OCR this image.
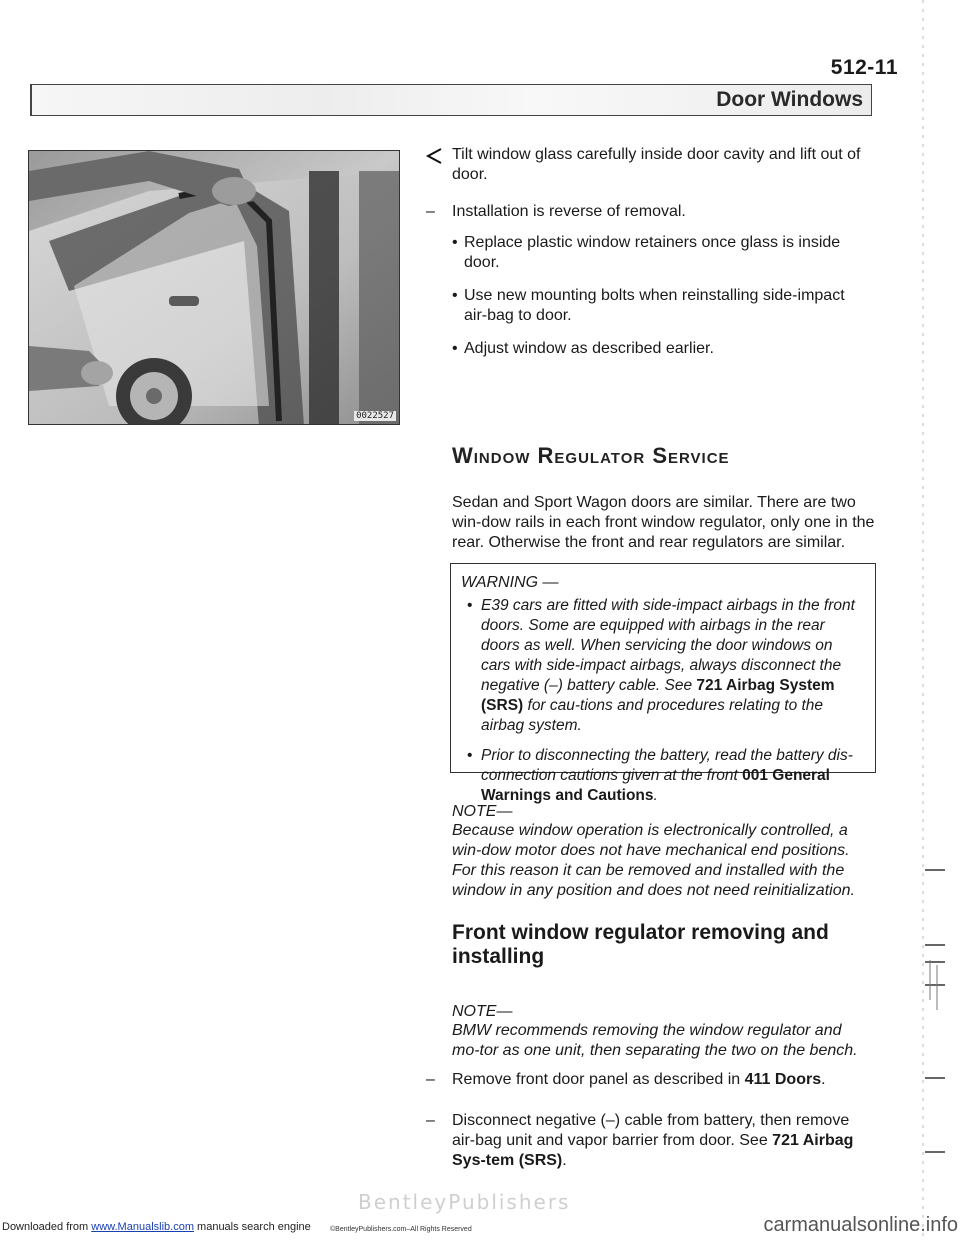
512-11
Door Windows
0022527

Tilt window glass carefully inside door cavity and lift out of door.

–	Installation is reverse of removal.

• Replace plastic window retainers once glass is inside door.
• Use new mounting bolts when reinstalling side-impact air-bag to door.
• Adjust window as described earlier.
Window Regulator Service

Sedan and Sport Wagon doors are similar. There are two win-dow rails in each front window regulator, only one in the rear. Otherwise the front and rear regulators are similar.

WARNING —

• E39 cars are fitted with side-impact airbags in the front doors. Some are equipped with airbags in the rear doors as well. When servicing the door windows on cars with side-impact airbags, always disconnect the negative (–) battery cable. See 721 Airbag System (SRS) for cau-tions and procedures relating to the airbag system.
• Prior to disconnecting the battery, read the battery dis-connection cautions given at the front 001 General Warnings and Cautions.

NOTE—

Because window operation is electronically controlled, a win-dow motor does not have mechanical end positions. For this reason it can be removed and installed with the window in any position and does not need reinitialization.

Front window regulator removing and installing

NOTE—

BMW recommends removing the window regulator and mo-tor as one unit, then separating the two on the bench.

–	Remove front door panel as described in 411 Doors.

–	Disconnect negative (–) cable from battery, then remove air-bag unit and vapor barrier from door. See 721 Airbag Sys-tem (SRS).

BentleyPublishers
Downloaded from www.Manualslib.com manuals search engine	©BentleyPublishers.com–All Rights Reserved	carmanualsonline.info
